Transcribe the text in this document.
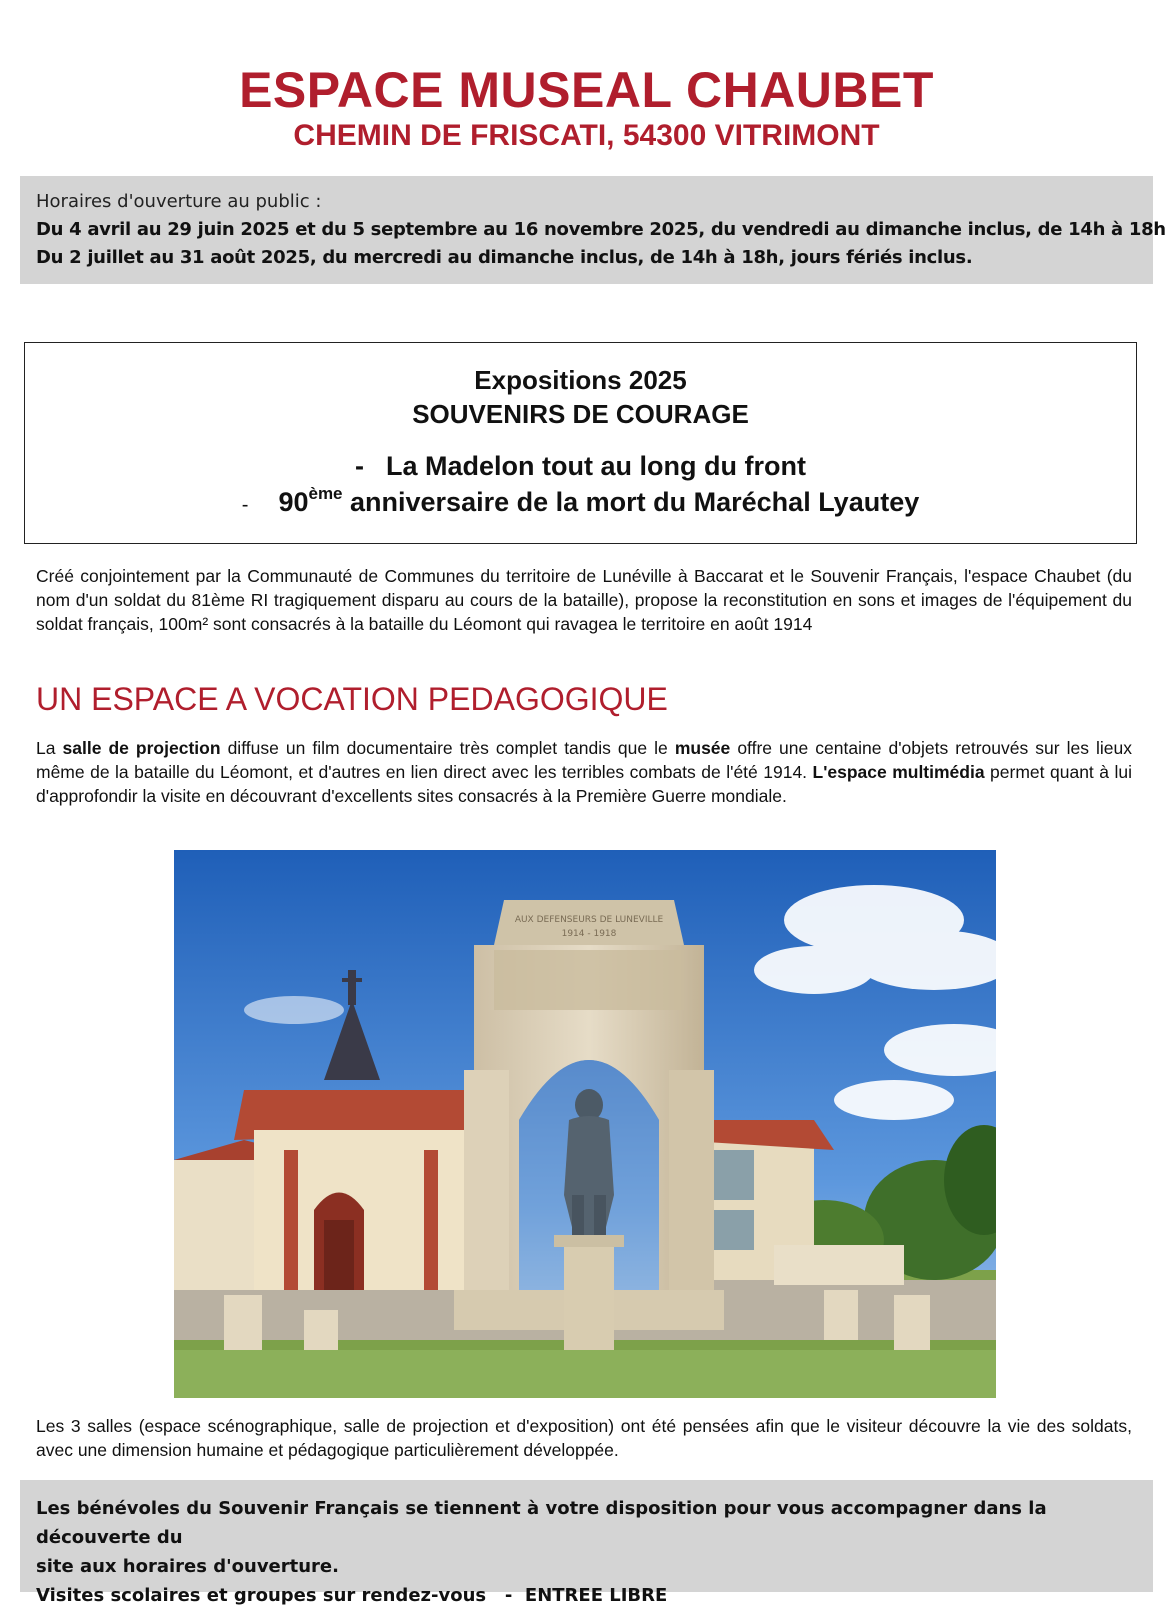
ESPACE MUSEAL CHAUBET
CHEMIN DE FRISCATI, 54300 VITRIMONT
Horaires d'ouverture au public :
Du 4 avril au 29 juin 2025 et du 5 septembre au 16 novembre 2025, du vendredi au dimanche inclus, de 14h à 18h
Du 2 juillet au 31 août 2025, du mercredi au dimanche inclus, de 14h à 18h, jours fériés inclus.
Expositions 2025
SOUVENIRS DE COURAGE
- La Madelon tout au long du front
- 90ème anniversaire de la mort du Maréchal Lyautey
Créé conjointement par la Communauté de Communes du territoire de Lunéville à Baccarat et le Souvenir Français, l'espace Chaubet (du nom d'un soldat du 81ème RI tragiquement disparu au cours de la bataille), propose la reconstitution en sons et images de l'équipement du soldat français, 100m² sont consacrés à la bataille du Léomont qui ravagea le territoire en août 1914
UN ESPACE A VOCATION PEDAGOGIQUE
La salle de projection diffuse un film documentaire très complet tandis que le musée offre une centaine d'objets retrouvés sur les lieux même de la bataille du Léomont, et d'autres en lien direct avec les terribles combats de l'été 1914. L'espace multimédia permet quant à lui d'approfondir la visite en découvrant d'excellents sites consacrés à la Première Guerre mondiale.
AUX DEFENSEURS DE LUNEVILLE
1914 - 1918
Les 3 salles (espace scénographique, salle de projection et d'exposition) ont été pensées afin que le visiteur découvre la vie des soldats, avec une dimension humaine et pédagogique particulièrement développée.
Les bénévoles du Souvenir Français se tiennent à votre disposition pour vous accompagner dans la découverte du
site aux horaires d'ouverture.
Visites scolaires et groupes sur rendez-vous   -  ENTREE LIBRE
